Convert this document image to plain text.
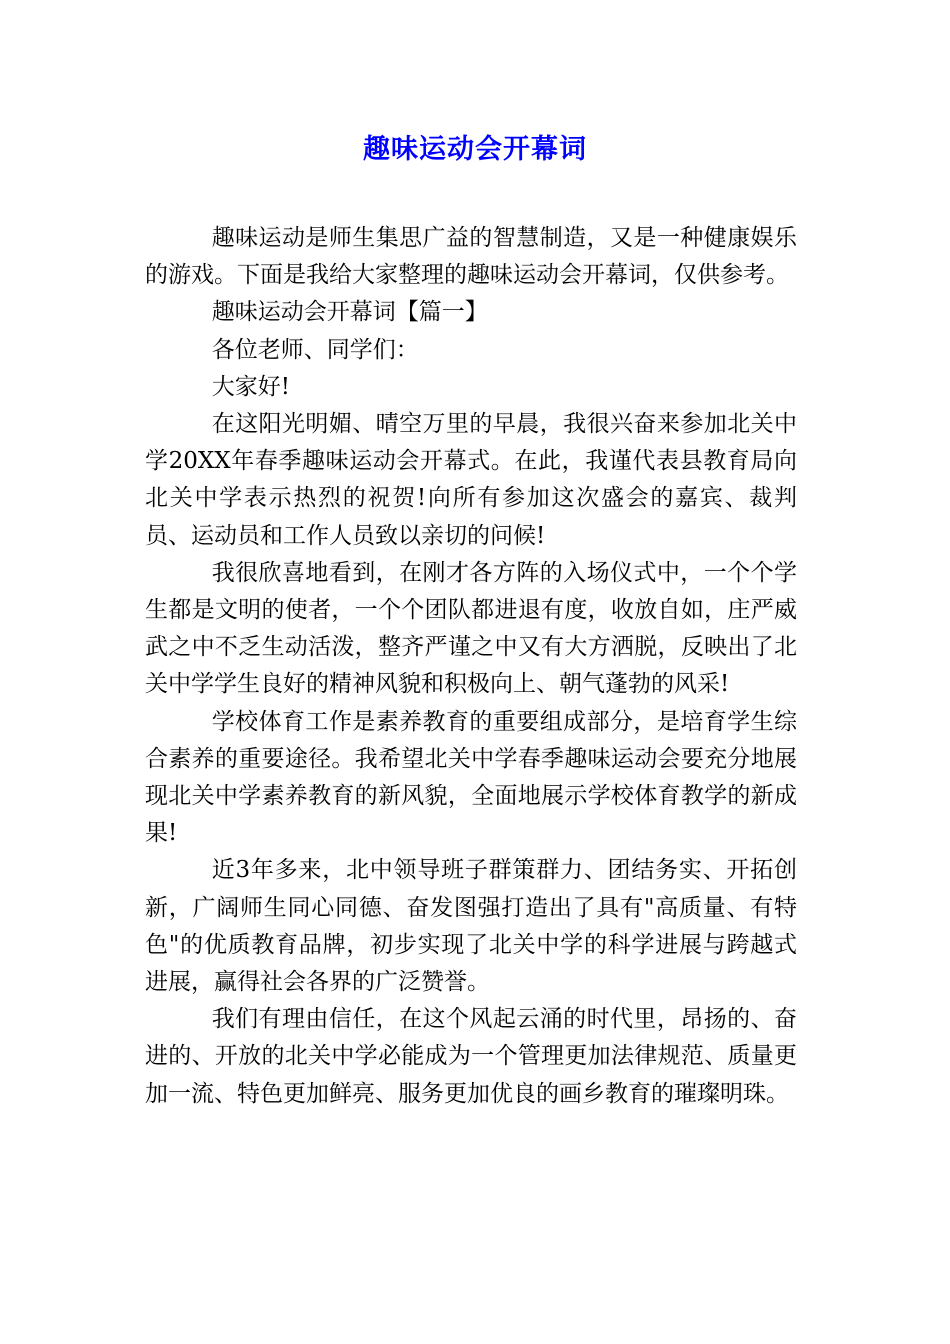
趣味运动会开幕词

趣味运动是师生集思广益的智慧制造，又是一种健康娱乐的游戏。下面是我给大家整理的趣味运动会开幕词，仅供参考。

趣味运动会开幕词【篇一】

各位老师、同学们：

大家好!

在这阳光明媚、晴空万里的早晨，我很兴奋来参加北关中学20XX年春季趣味运动会开幕式。在此，我谨代表县教育局向北关中学表示热烈的祝贺!向所有参加这次盛会的嘉宾、裁判员、运动员和工作人员致以亲切的问候!

我很欣喜地看到，在刚才各方阵的入场仪式中，一个个学生都是文明的使者，一个个团队都进退有度，收放自如，庄严威武之中不乏生动活泼，整齐严谨之中又有大方洒脱，反映出了北关中学学生良好的精神风貌和积极向上、朝气蓬勃的风采!

学校体育工作是素养教育的重要组成部分，是培育学生综合素养的重要途径。我希望北关中学春季趣味运动会要充分地展现北关中学素养教育的新风貌，全面地展示学校体育教学的新成果!

近3年多来，北中领导班子群策群力、团结务实、开拓创新，广阔师生同心同德、奋发图强打造出了具有"高质量、有特色"的优质教育品牌，初步实现了北关中学的科学进展与跨越式进展，赢得社会各界的广泛赞誉。

我们有理由信任，在这个风起云涌的时代里，昂扬的、奋进的、开放的北关中学必能成为一个管理更加法律规范、质量更加一流、特色更加鲜亮、服务更加优良的画乡教育的璀璨明珠。
